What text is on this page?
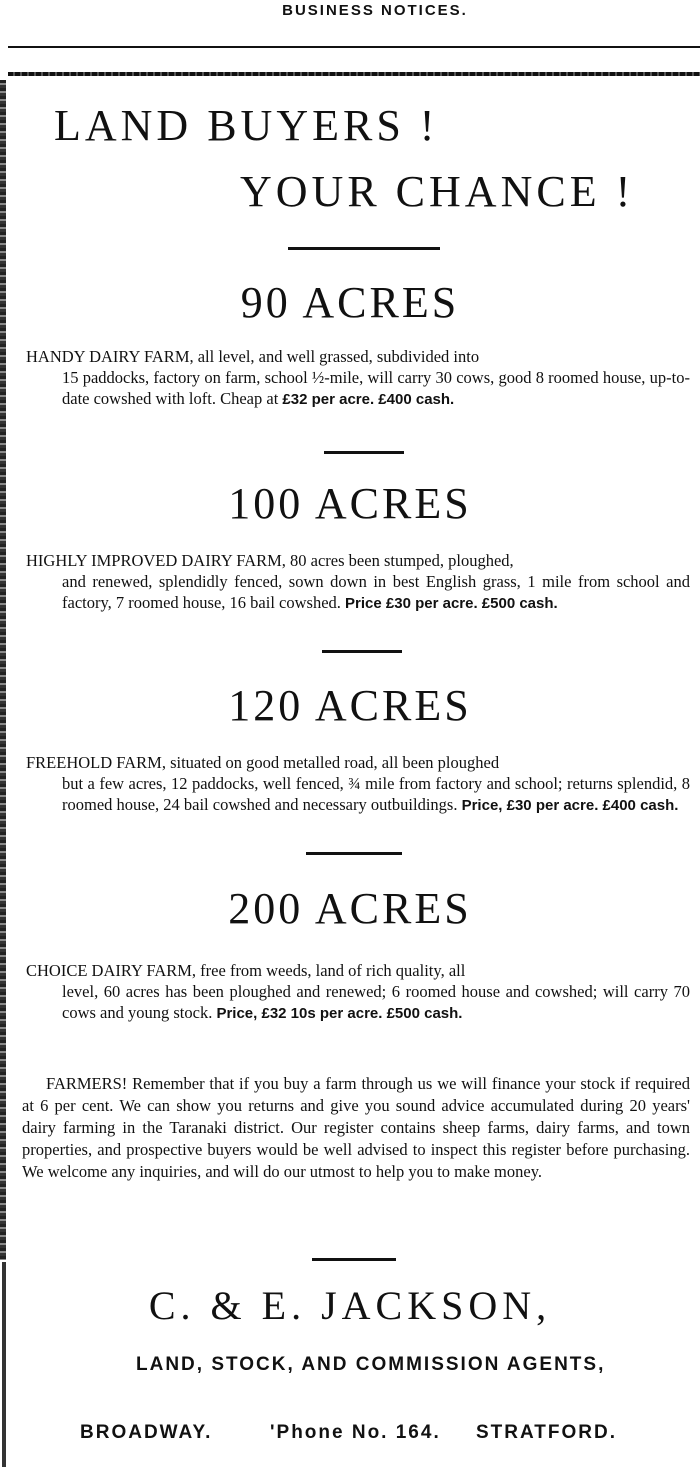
BUSINESS NOTICES.
LAND BUYERS !
YOUR CHANCE !
90 ACRES
HANDY DAIRY FARM, all level, and well grassed, subdivided into
15 paddocks, factory on farm, school ½-mile, will carry 30 cows, good 8 roomed house, up-to-date cowshed with loft. Cheap at £32 per acre. £400 cash.
100 ACRES
HIGHLY IMPROVED DAIRY FARM, 80 acres been stumped, ploughed,
and renewed, splendidly fenced, sown down in best English grass, 1 mile from school and factory, 7 roomed house, 16 bail cowshed. Price £30 per acre. £500 cash.
120 ACRES
FREEHOLD FARM, situated on good metalled road, all been ploughed
but a few acres, 12 paddocks, well fenced, ¾ mile from factory and school; returns splendid, 8 roomed house, 24 bail cowshed and necessary outbuildings. Price, £30 per acre. £400 cash.
200 ACRES
CHOICE DAIRY FARM, free from weeds, land of rich quality, all
level, 60 acres has been ploughed and renewed; 6 roomed house and cowshed; will carry 70 cows and young stock. Price, £32 10s per acre. £500 cash.
FARMERS! Remember that if you buy a farm through us we will finance your stock if required at 6 per cent. We can show you returns and give you sound advice accumulated during 20 years' dairy farming in the Taranaki district. Our register contains sheep farms, dairy farms, and town properties, and prospective buyers would be well advised to inspect this register before purchasing. We welcome any inquiries, and will do our utmost to help you to make money.
C. & E. JACKSON,
LAND, STOCK, AND COMMISSION AGENTS,
BROADWAY.	'Phone No. 164. STRATFORD.
